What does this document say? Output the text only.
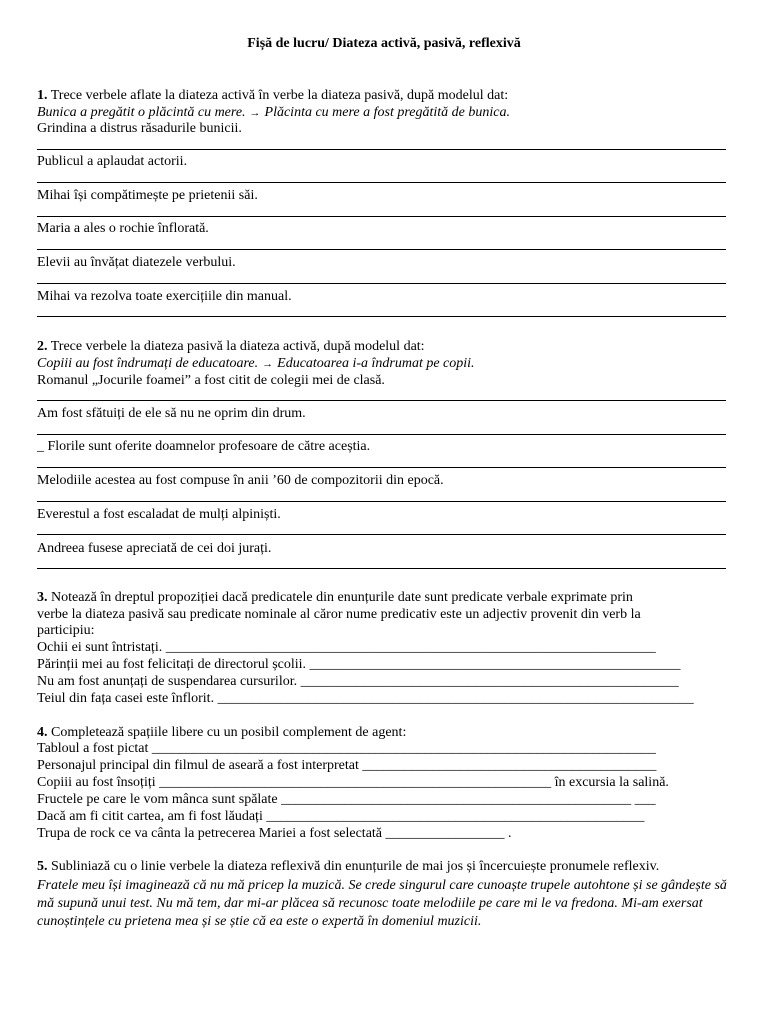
Fișă de lucru/ Diateza activă, pasivă, reflexivă
1. Trece verbele aflate la diateza activă în verbe la diateza pasivă, după modelul dat:
Bunica a pregătit o plăcintă cu mere. → Plăcinta cu mere a fost pregătită de bunica.
Grindina a distrus răsadurile bunicii.
Publicul a aplaudat actorii.
Mihai își compătimește pe prietenii săi.
Maria a ales o rochie înflorată.
Elevii au învățat diatezele verbului.
Mihai va rezolva toate exercițiile din manual.
2. Trece verbele la diateza pasivă la diateza activă, după modelul dat:
Copiii au fost îndrumați de educatoare. → Educatoarea i-a îndrumat pe copii.
Romanul „Jocurile foamei” a fost citit de colegii mei de clasă.
Am fost sfătuiți de ele să nu ne oprim din drum.
_ Florile sunt oferite doamnelor profesoare de către aceștia.
Melodiile acestea au fost compuse în anii ’60 de compozitorii din epocă.
Everestul a fost escaladat de mulți alpiniști.
Andreea fusese apreciată de cei doi jurați.
3. Notează în dreptul propoziției dacă predicatele din enunțurile date sunt predicate verbale exprimate prin
verbe la diateza pasivă sau predicate nominale al căror nume predicativ este un adjectiv provenit din verb la
participiu:
Ochii ei sunt întristați. ______________________________________________________________________
Părinții mei au fost felicitați de directorul școlii. _____________________________________________________
Nu am fost anunțați de suspendarea cursurilor. ______________________________________________________
Teiul din fața casei este înflorit. ____________________________________________________________________
4. Completează spațiile libere cu un posibil complement de agent:
Tabloul a fost pictat ________________________________________________________________________
Personajul principal din filmul de aseară a fost interpretat __________________________________________
Copiii au fost însoțiți ________________________________________________________ în excursia la salină.
Fructele pe care le vom mânca sunt spălate __________________________________________________ ___
Dacă am fi citit cartea, am fi fost lăudați ______________________________________________________
Trupa de rock ce va cânta la petrecerea Mariei a fost selectată _________________ .
5. Subliniază cu o linie verbele la diateza reflexivă din enunțurile de mai jos și încercuiește pronumele reflexiv.
Fratele meu își imaginează că nu mă pricep la muzică. Se crede singurul care cunoaște trupele autohtone și se gândește să mă supună unui test. Nu mă tem, dar mi-ar plăcea să recunosc toate melodiile pe care mi le va fredona. Mi-am exersat cunoștințele cu prietena mea și se știe că ea este o expertă în domeniul muzicii.
